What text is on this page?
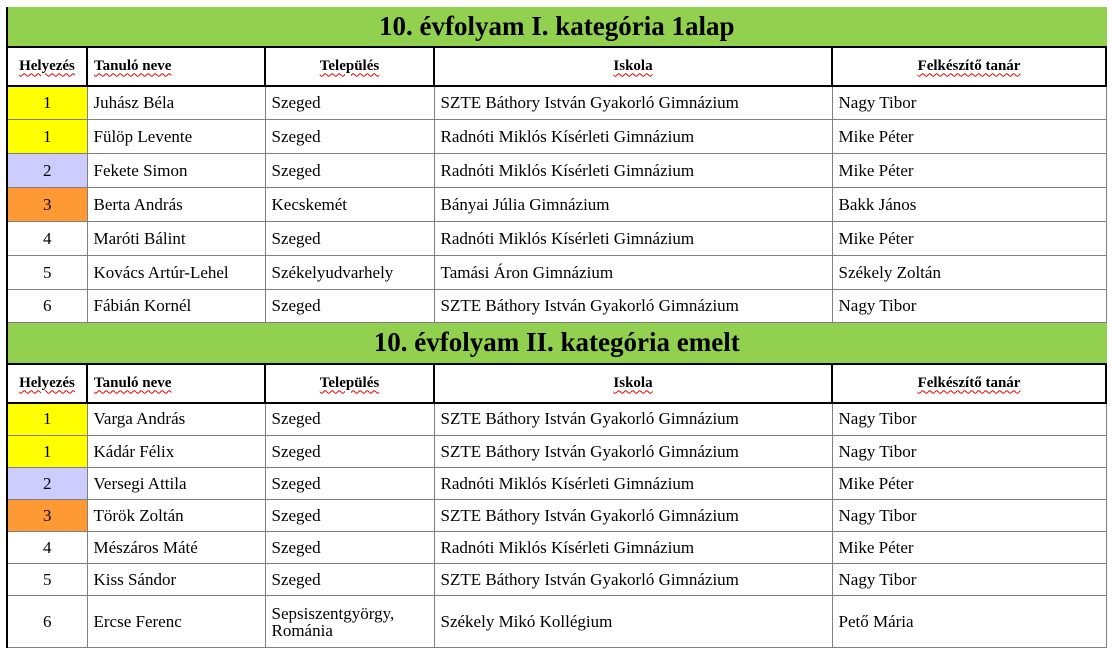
10. évfolyam I. kategória 1alap				
Helyezés	Tanuló neve	Település	Iskola	Felkészítő tanár
1	Juhász Béla	Szeged	SZTE Báthory István Gyakorló Gimnázium	Nagy Tibor
1	Fülöp Levente	Szeged	Radnóti Miklós Kísérleti Gimnázium	Mike Péter
2	Fekete Simon	Szeged	Radnóti Miklós Kísérleti Gimnázium	Mike Péter
3	Berta András	Kecskemét	Bányai Júlia Gimnázium	Bakk János
4	Maróti Bálint	Szeged	Radnóti Miklós Kísérleti Gimnázium	Mike Péter
5	Kovács Artúr-Lehel	Székelyudvarhely	Tamási Áron Gimnázium	Székely Zoltán
6	Fábián Kornél	Szeged	SZTE Báthory István Gyakorló Gimnázium	Nagy Tibor
10. évfolyam II. kategória emelt				
Helyezés	Tanuló neve	Település	Iskola	Felkészítő tanár
1	Varga András	Szeged	SZTE Báthory István Gyakorló Gimnázium	Nagy Tibor
1	Kádár Félix	Szeged	SZTE Báthory István Gyakorló Gimnázium	Nagy Tibor
2	Versegi Attila	Szeged	Radnóti Miklós Kísérleti Gimnázium	Mike Péter
3	Török Zoltán	Szeged	SZTE Báthory István Gyakorló Gimnázium	Nagy Tibor
4	Mészáros Máté	Szeged	Radnóti Miklós Kísérleti Gimnázium	Mike Péter
5	Kiss Sándor	Szeged	SZTE Báthory István Gyakorló Gimnázium	Nagy Tibor
6	Ercse Ferenc	Sepsiszentgyörgy, Románia	Székely Mikó Kollégium	Pető Mária
